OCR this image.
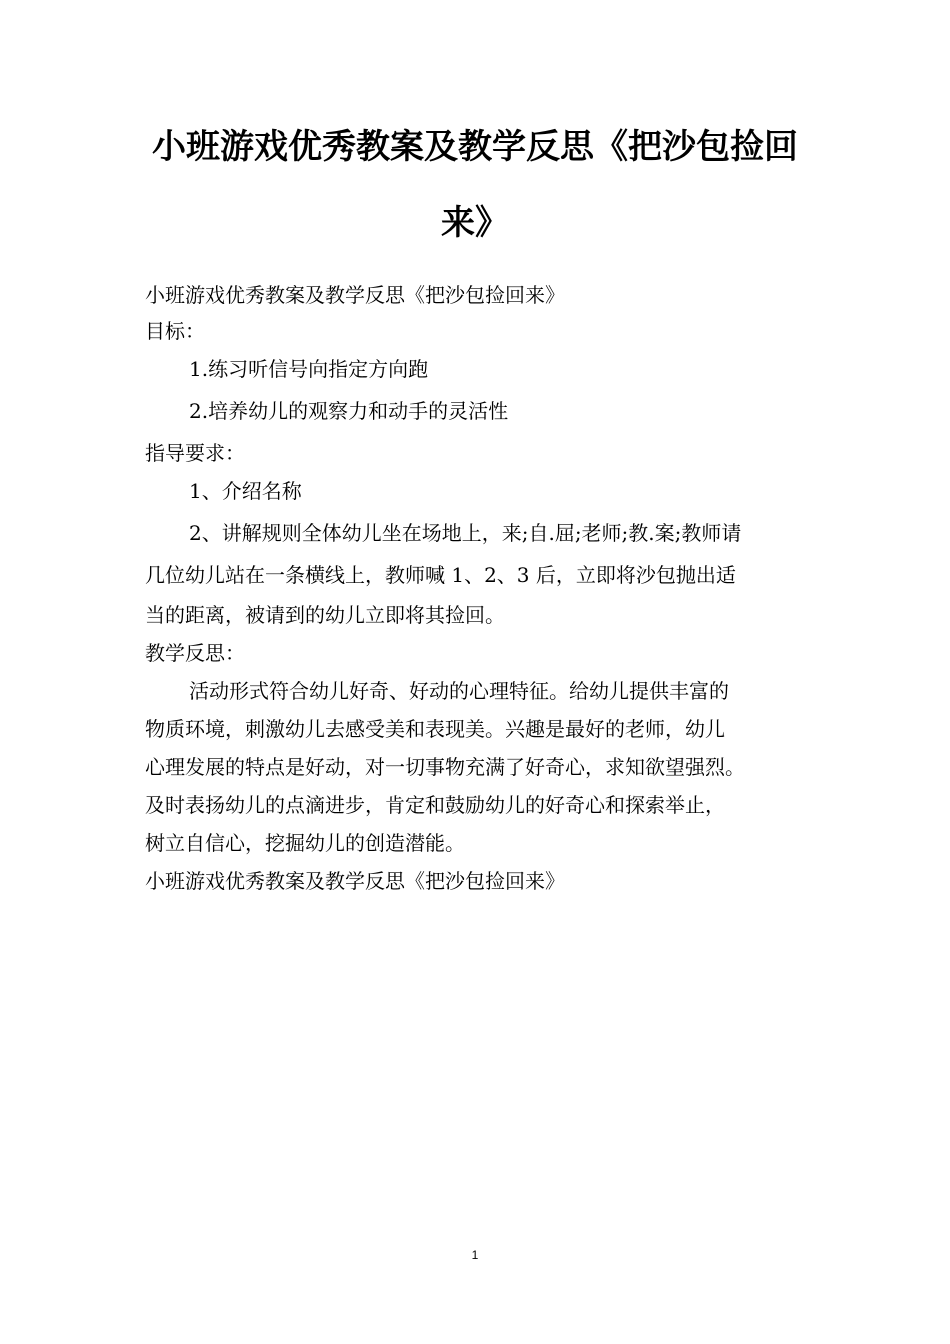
小班游戏优秀教案及教学反思《把沙包捡回
来》

小班游戏优秀教案及教学反思《把沙包捡回来》

目标：

1.练习听信号向指定方向跑

2.培养幼儿的观察力和动手的灵活性

指导要求：

1、介绍名称

2、讲解规则全体幼儿坐在场地上，来;自.屈;老师;教.案;教师请

几位幼儿站在一条横线上，教师喊 1、2、3 后，立即将沙包抛出适

当的距离，被请到的幼儿立即将其捡回。

教学反思：

活动形式符合幼儿好奇、好动的心理特征。给幼儿提供丰富的

物质环境，刺激幼儿去感受美和表现美。兴趣是最好的老师，幼儿

心理发展的特点是好动，对一切事物充满了好奇心，求知欲望强烈。

及时表扬幼儿的点滴进步，肯定和鼓励幼儿的好奇心和探索举止，

树立自信心，挖掘幼儿的创造潜能。

小班游戏优秀教案及教学反思《把沙包捡回来》

1
